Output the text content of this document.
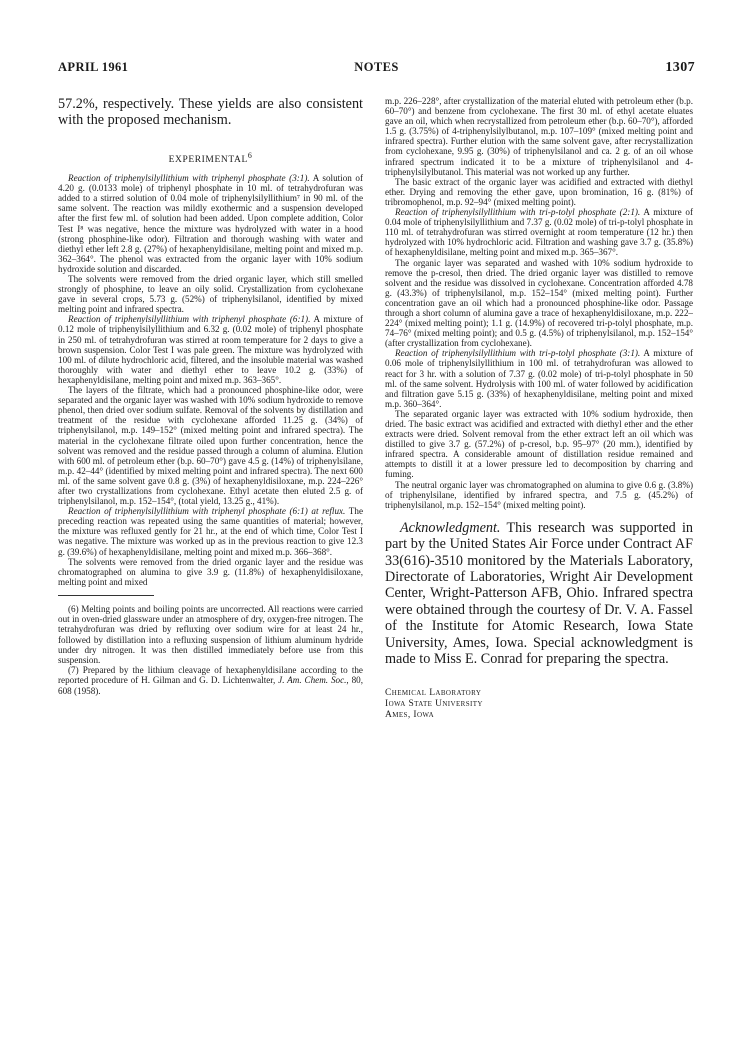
APRIL 1961	NOTES	1307

57.2%, respectively. These yields are also consistent with the proposed mechanism.

EXPERIMENTAL$^6$

Reaction of triphenylsilyllithium with triphenyl phosphate (3:1). A solution of 4.20 g. (0.0133 mole) of triphenyl phosphate in 10 ml. of tetrahydrofuran was added to a stirred solution of 0.04 mole of triphenylsilyllithium⁷ in 90 ml. of the same solvent. The reaction was mildly exothermic and a suspension developed after the first few ml. of solution had been added. Upon complete addition, Color Test I⁸ was negative, hence the mixture was hydrolyzed with water in a hood (strong phosphine-like odor). Filtration and thorough washing with water and diethyl ether left 2.8 g. (27%) of hexaphenyldisilane, melting point and mixed m.p. 362–364°. The phenol was extracted from the organic layer with 10% sodium hydroxide solution and discarded.

The solvents were removed from the dried organic layer, which still smelled strongly of phosphine, to leave an oily solid. Crystallization from cyclohexane gave in several crops, 5.73 g. (52%) of triphenylsilanol, identified by mixed melting point and infrared spectra.

Reaction of triphenylsilyllithium with triphenyl phosphate (6:1). A mixture of 0.12 mole of triphenylsilyllithium and 6.32 g. (0.02 mole) of triphenyl phosphate in 250 ml. of tetrahydrofuran was stirred at room temperature for 2 days to give a brown suspension. Color Test I was pale green. The mixture was hydrolyzed with 100 ml. of dilute hydrochloric acid, filtered, and the insoluble material was washed thoroughly with water and diethyl ether to leave 10.2 g. (33%) of hexaphenyldisilane, melting point and mixed m.p. 363–365°.

The layers of the filtrate, which had a pronounced phosphine-like odor, were separated and the organic layer was washed with 10% sodium hydroxide to remove phenol, then dried over sodium sulfate. Removal of the solvents by distillation and treatment of the residue with cyclohexane afforded 11.25 g. (34%) of triphenylsilanol, m.p. 149–152° (mixed melting point and infrared spectra). The material in the cyclohexane filtrate oiled upon further concentration, hence the solvent was removed and the residue passed through a column of alumina. Elution with 600 ml. of petroleum ether (b.p. 60–70°) gave 4.5 g. (14%) of triphenylsilane, m.p. 42–44° (identified by mixed melting point and infrared spectra). The next 600 ml. of the same solvent gave 0.8 g. (3%) of hexaphenyldisiloxane, m.p. 224–226° after two crystallizations from cyclohexane. Ethyl acetate then eluted 2.5 g. of triphenylsilanol, m.p. 152–154°, (total yield, 13.25 g., 41%).

Reaction of triphenylsilyllithium with triphenyl phosphate (6:1) at reflux. The preceding reaction was repeated using the same quantities of material; however, the mixture was refluxed gently for 21 hr., at the end of which time, Color Test I was negative. The mixture was worked up as in the previous reaction to give 12.3 g. (39.6%) of hexaphenyldisilane, melting point and mixed m.p. 366–368°.

The solvents were removed from the dried organic layer and the residue was chromatographed on alumina to give 3.9 g. (11.8%) of hexaphenyldisiloxane, melting point and mixed

(6) Melting points and boiling points are uncorrected. All reactions were carried out in oven-dried glassware under an atmosphere of dry, oxygen-free nitrogen. The tetrahydrofuran was dried by refluxing over sodium wire for at least 24 hr., followed by distillation into a refluxing suspension of lithium aluminum hydride under dry nitrogen. It was then distilled immediately before use from this suspension.

(7) Prepared by the lithium cleavage of hexaphenyldisilane according to the reported procedure of H. Gilman and G. D. Lichtenwalter, J. Am. Chem. Soc., 80, 608 (1958).

m.p. 226–228°, after crystallization of the material eluted with petroleum ether (b.p. 60–70°) and benzene from cyclohexane. The first 30 ml. of ethyl acetate eluates gave an oil, which when recrystallized from petroleum ether (b.p. 60–70°), afforded 1.5 g. (3.75%) of 4-triphenylsilylbutanol, m.p. 107–109° (mixed melting point and infrared spectra). Further elution with the same solvent gave, after recrystallization from cyclohexane, 9.95 g. (30%) of triphenylsilanol and ca. 2 g. of an oil whose infrared spectrum indicated it to be a mixture of triphenylsilanol and 4-triphenylsilylbutanol. This material was not worked up any further.

The basic extract of the organic layer was acidified and extracted with diethyl ether. Drying and removing the ether gave, upon bromination, 16 g. (81%) of tribromophenol, m.p. 92–94° (mixed melting point).

Reaction of triphenylsilyllithium with tri-p-tolyl phosphate (2:1). A mixture of 0.04 mole of triphenylsilyllithium and 7.37 g. (0.02 mole) of tri-p-tolyl phosphate in 110 ml. of tetrahydrofuran was stirred overnight at room temperature (12 hr.) then hydrolyzed with 10% hydrochloric acid. Filtration and washing gave 3.7 g. (35.8%) of hexaphenyldisilane, melting point and mixed m.p. 365–367°.

The organic layer was separated and washed with 10% sodium hydroxide to remove the p-cresol, then dried. The dried organic layer was distilled to remove solvent and the residue was dissolved in cyclohexane. Concentration afforded 4.78 g. (43.3%) of triphenylsilanol, m.p. 152–154° (mixed melting point). Further concentration gave an oil which had a pronounced phosphine-like odor. Passage through a short column of alumina gave a trace of hexaphenyldisiloxane, m.p. 222–224° (mixed melting point); 1.1 g. (14.9%) of recovered tri-p-tolyl phosphate, m.p. 74–76° (mixed melting point); and 0.5 g. (4.5%) of triphenylsilanol, m.p. 152–154° (after crystallization from cyclohexane).

Reaction of triphenylsilyllithium with tri-p-tolyl phosphate (3:1). A mixture of 0.06 mole of triphenylsilyllithium in 100 ml. of tetrahydrofuran was allowed to react for 3 hr. with a solution of 7.37 g. (0.02 mole) of tri-p-tolyl phosphate in 50 ml. of the same solvent. Hydrolysis with 100 ml. of water followed by acidification and filtration gave 5.15 g. (33%) of hexaphenyldisilane, melting point and mixed m.p. 360–364°.

The separated organic layer was extracted with 10% sodium hydroxide, then dried. The basic extract was acidified and extracted with diethyl ether and the ether extracts were dried. Solvent removal from the ether extract left an oil which was distilled to give 3.7 g. (57.2%) of p-cresol, b.p. 95–97° (20 mm.), identified by infrared spectra. A considerable amount of distillation residue remained and attempts to distill it at a lower pressure led to decomposition by charring and fuming.

The neutral organic layer was chromatographed on alumina to give 0.6 g. (3.8%) of triphenylsilane, identified by infrared spectra, and 7.5 g. (45.2%) of triphenylsilanol, m.p. 152–154° (mixed melting point).

Acknowledgment. This research was supported in part by the United States Air Force under Contract AF 33(616)-3510 monitored by the Materials Laboratory, Directorate of Laboratories, Wright Air Development Center, Wright-Patterson AFB, Ohio. Infrared spectra were obtained through the courtesy of Dr. V. A. Fassel of the Institute for Atomic Research, Iowa State University, Ames, Iowa. Special acknowledgment is made to Miss E. Conrad for preparing the spectra.

Chemical Laboratory

Iowa State University

Ames, Iowa
